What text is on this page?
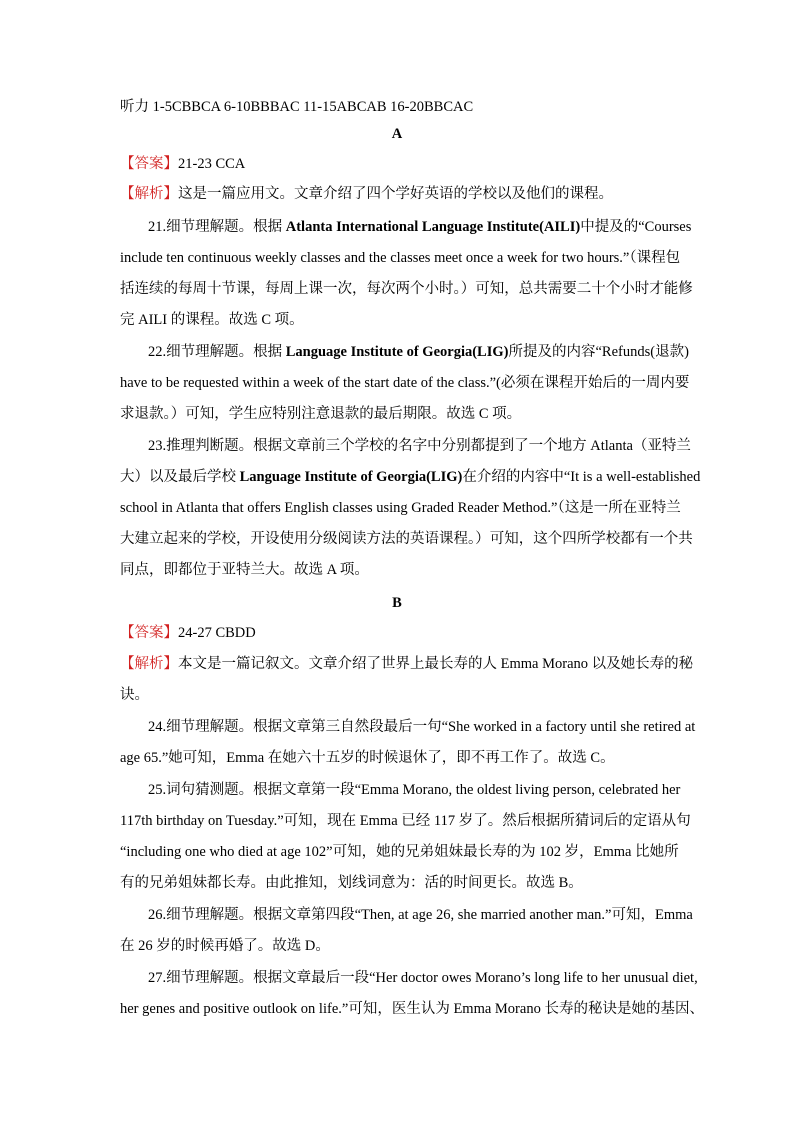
听力 1-5CBBCA 6-10BBBAC 11-15ABCAB 16-20BBCAC
A
【答案】21-23 CCA
【解析】这是一篇应用文。文章介绍了四个学好英语的学校以及他们的课程。
21.细节理解题。根据 Atlanta International Language Institute(AILI)中提及的“Courses
include ten continuous weekly classes and the classes meet once a week for two hours.”（课程包
括连续的每周十节课，每周上课一次，每次两个小时。）可知，总共需要二十个小时才能修
完 AILI 的课程。故选 C 项。
22.细节理解题。根据 Language Institute of Georgia(LIG)所提及的内容“Refunds(退款)
have to be requested within a week of the start date of the class.”(必须在课程开始后的一周内要
求退款。）可知，学生应特别注意退款的最后期限。故选 C 项。
23.推理判断题。根据文章前三个学校的名字中分别都提到了一个地方 Atlanta（亚特兰
大）以及最后学校 Language Institute of Georgia(LIG)在介绍的内容中“It is a well-established
school in Atlanta that offers English classes using Graded Reader Method.”（这是一所在亚特兰
大建立起来的学校，开设使用分级阅读方法的英语课程。）可知，这个四所学校都有一个共
同点，即都位于亚特兰大。故选 A 项。
B
【答案】24-27 CBDD
【解析】本文是一篇记叙文。文章介绍了世界上最长寿的人 Emma Morano 以及她长寿的秘
诀。
24.细节理解题。根据文章第三自然段最后一句“She worked in a factory until she retired at
age 65.”她可知，Emma 在她六十五岁的时候退休了，即不再工作了。故选 C。
25.词句猜测题。根据文章第一段“Emma Morano, the oldest living person, celebrated her
117th birthday on Tuesday.”可知，现在 Emma 已经 117 岁了。然后根据所猜词后的定语从句
“including one who died at age 102”可知，她的兄弟姐妹最长寿的为 102 岁，Emma 比她所
有的兄弟姐妹都长寿。由此推知，划线词意为：活的时间更长。故选 B。
26.细节理解题。根据文章第四段“Then, at age 26, she married another man.”可知，Emma
在 26 岁的时候再婚了。故选 D。
27.细节理解题。根据文章最后一段“Her doctor owes Morano’s long life to her unusual diet,
her genes and positive outlook on life.”可知，医生认为 Emma Morano 长寿的秘诀是她的基因、
